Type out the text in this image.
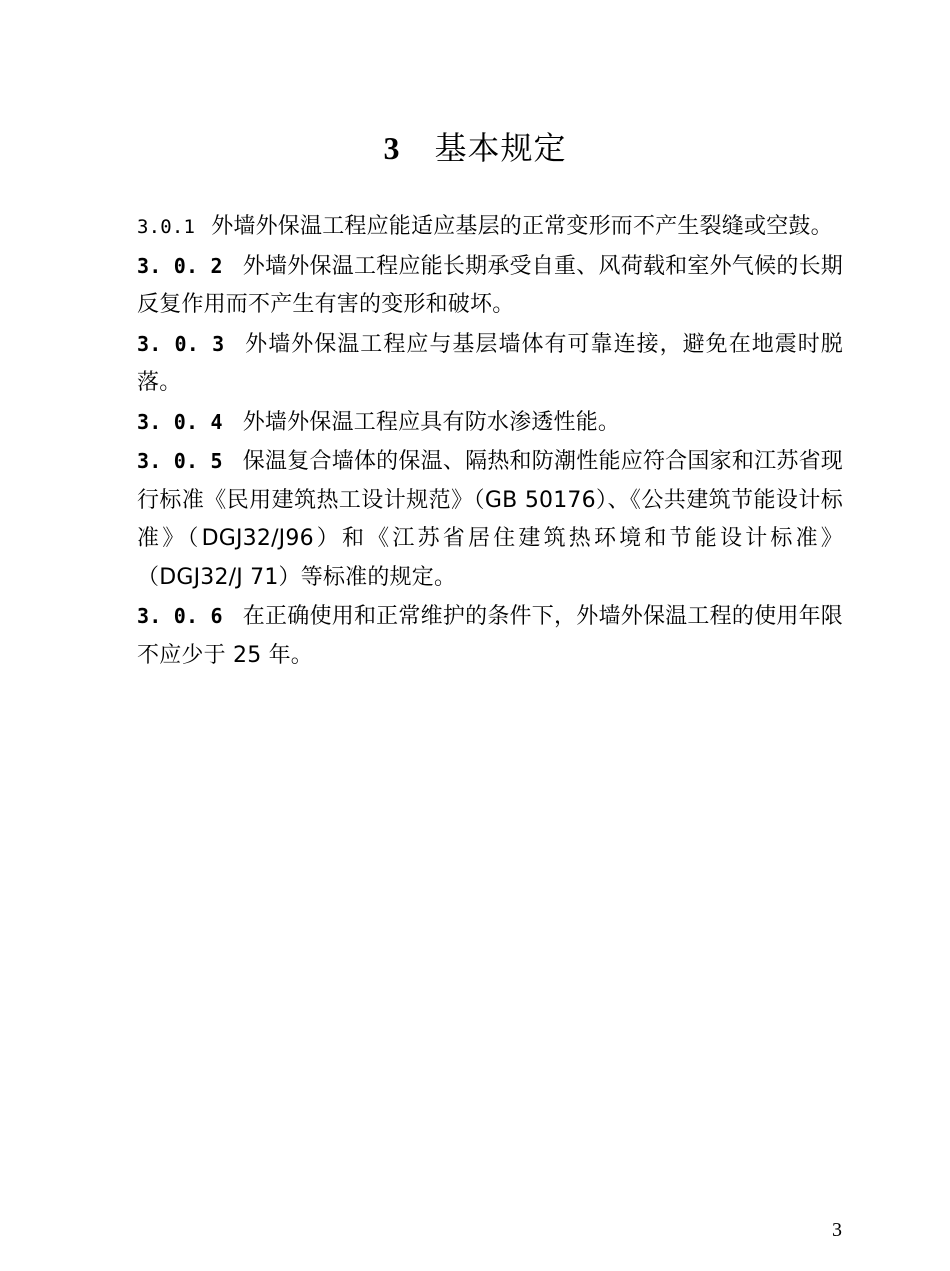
3 基本规定
3.0.1 外墙外保温工程应能适应基层的正常变形而不产生裂缝或空鼓。
3. 0. 2 外墙外保温工程应能长期承受自重、风荷载和室外气候的长期反复作用而不产生有害的变形和破坏。
3. 0. 3 外墙外保温工程应与基层墙体有可靠连接，避免在地震时脱落。
3. 0. 4 外墙外保温工程应具有防水渗透性能。
3. 0. 5 保温复合墙体的保温、隔热和防潮性能应符合国家和江苏省现行标准《民用建筑热工设计规范》（GB 50176）、《公共建筑节能设计标准》（DGJ32/J96）和《江苏省居住建筑热环境和节能设计标准》（DGJ32/J 71）等标准的规定。
3. 0. 6 在正确使用和正常维护的条件下，外墙外保温工程的使用年限不应少于 25 年。
3
